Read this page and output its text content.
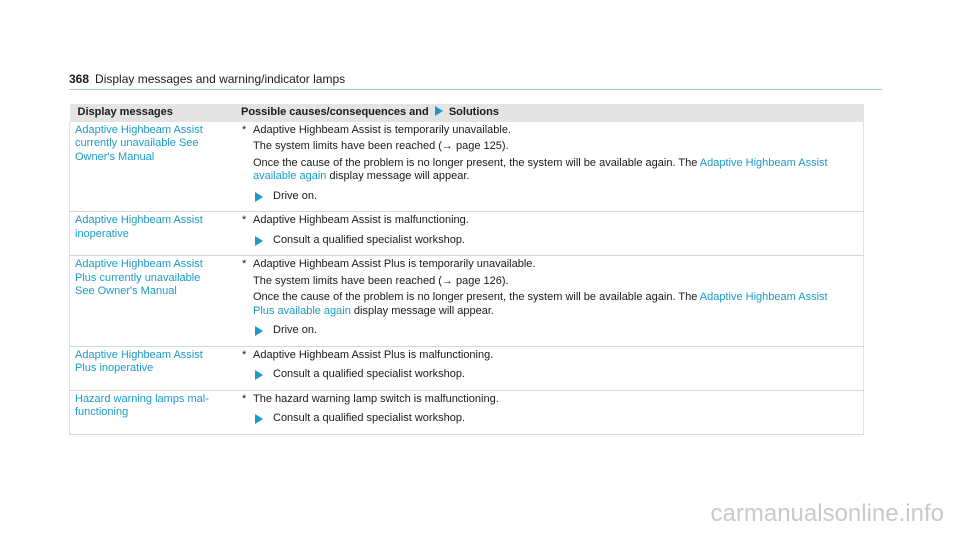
368 Display messages and warning/indicator lamps
Display messages	Possible causes/consequences and Solutions
Adaptive Highbeam Assist currently unavailable See Owner's Manual	* Adaptive Highbeam Assist is temporarily unavailable.
The system limits have been reached (→ page 125).
Once the cause of the problem is no longer present, the system will be available again. The Adaptive Highbeam Assist available again display message will appear.
Drive on.

Adaptive Highbeam Assist inoperative	* Adaptive Highbeam Assist is malfunctioning.
Consult a qualified specialist workshop.

Adaptive Highbeam Assist Plus currently unavailable See Owner's Manual	* Adaptive Highbeam Assist Plus is temporarily unavailable.
The system limits have been reached (→ page 126).
Once the cause of the problem is no longer present, the system will be available again. The Adaptive Highbeam Assist Plus available again display message will appear.
Drive on.

Adaptive Highbeam Assist Plus inoperative	* Adaptive Highbeam Assist Plus is malfunctioning.
Consult a qualified specialist workshop.

Hazard warning lamps mal-functioning	* The hazard warning lamp switch is malfunctioning.
Consult a qualified specialist workshop.
carmanualsonline.info
